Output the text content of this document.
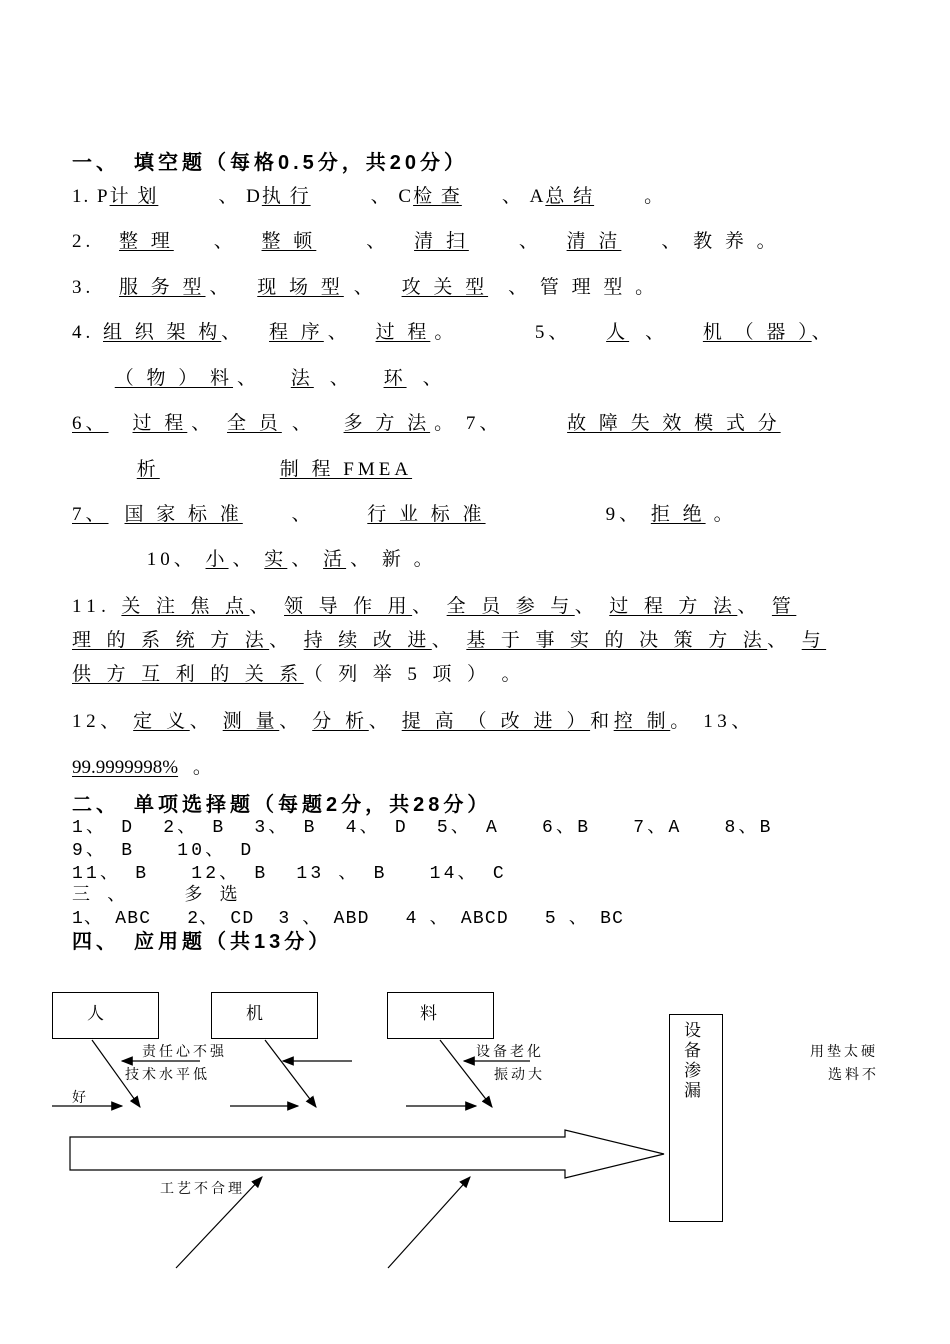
一、　填空题（每格0.5分，共20分）
1. P计 划	、 D执 行	、 C检 查 、 A总 结	。
2. 整 理 、 整 顿	、 清 扫	、 清 洁 、 教 养 。
3. 服 务 型 、 现 场 型 、 攻 关 型 、 管 理 型 。
4. 组 织 架 构、 程 序 、 过 程 。	5、 人 、 机 （ 器 ）、
（ 物 ） 料 、 法 、 环 、
6、 过 程 、 全 员 、 多 方 法 。 7、	故 障 失 效 模 式 分
析	制 程 FMEA
7、 国 家 标 准 、 行 业 标 准	9、 拒 绝 。
10、 小 、 实 、 活 、 新 。
11. 关 注 焦 点、 领 导 作 用、 全 员 参 与、 过 程 方 法、 管
理 的 系 统 方 法、 持 续 改 进、 基 于 事 实 的 决 策 方 法、 与
供 方 互 利 的 关 系（ 列 举 5 项 ） 。
12、 定 义、 测 量、 分 析、 提 高 （ 改 进 ）和控 制。 13、
99.9999998% 。
二、　单项选择题（每题2分，共28分）
1、 D  2、 B  3、 B  4、 D  5、 A   6、B   7、A   8、B
9、 B   10、 D
11、 B   12、 B  13 、 B   14、 C
三 、    多 选
1、 ABC   2、 CD  3 、 ABD   4 、 ABCD   5 、 BC
四、　应用题（共13分）
人	机	料
设备渗漏
责任心不强
技术水平低
好
设备老化
振动大
用垫太硬
选料不
工艺不合理
